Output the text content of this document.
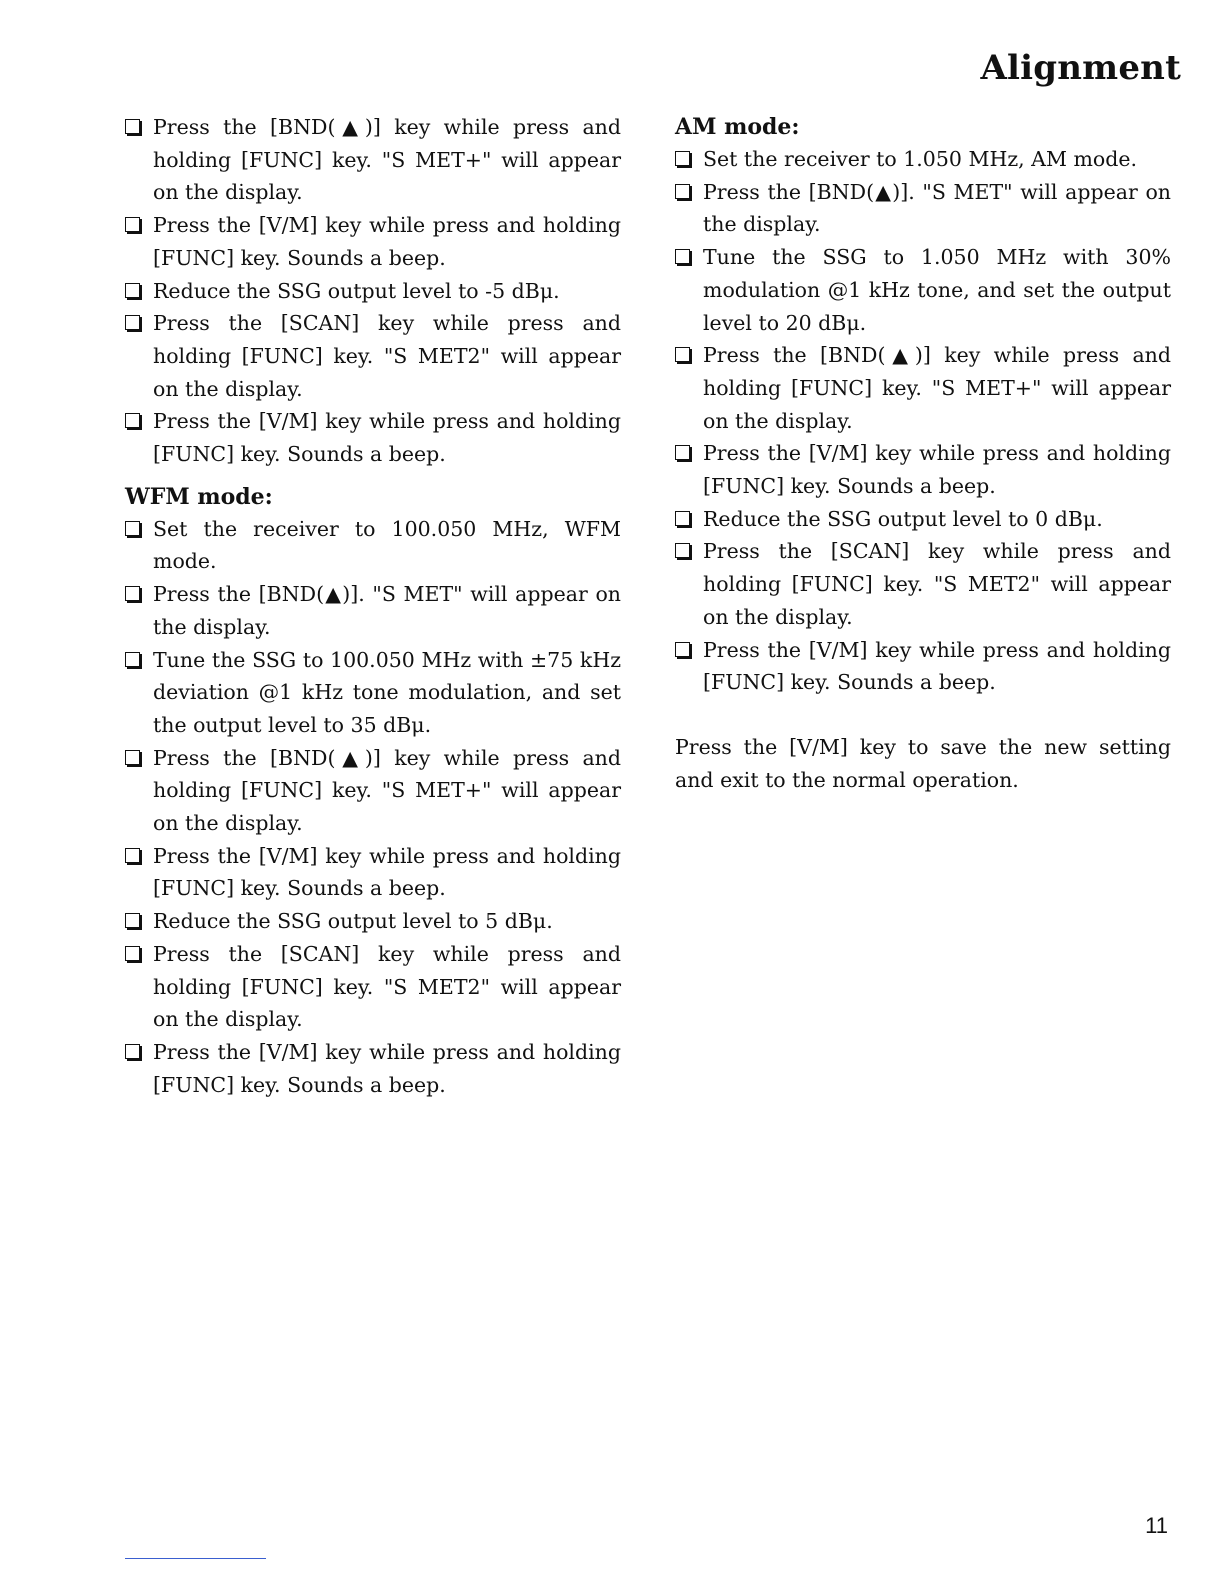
Alignment
Press the [BND(▲)] key while press and holding [FUNC] key. "S MET+" will appear on the display.
Press the [V/M] key while press and holding [FUNC] key. Sounds a beep.
Reduce the SSG output level to -5 dBμ.
Press the [SCAN] key while press and holding [FUNC] key. "S MET2" will appear on the display.
Press the [V/M] key while press and holding [FUNC] key. Sounds a beep.
WFM mode:
Set the receiver to 100.050 MHz, WFM mode.
Press the [BND(▲)]. "S MET" will appear on the display.
Tune the SSG to 100.050 MHz with ±75 kHz deviation @1 kHz tone modulation, and set the output level to 35 dBμ.
Press the [BND(▲)] key while press and holding [FUNC] key. "S MET+" will appear on the display.
Press the [V/M] key while press and holding [FUNC] key. Sounds a beep.
Reduce the SSG output level to 5 dBμ.
Press the [SCAN] key while press and holding [FUNC] key. "S MET2" will appear on the display.
Press the [V/M] key while press and holding [FUNC] key. Sounds a beep.
AM mode:
Set the receiver to 1.050 MHz, AM mode.
Press the [BND(▲)]. "S MET" will appear on the display.
Tune the SSG to 1.050 MHz with 30% modulation @1 kHz tone, and set the output level to 20 dBμ.
Press the [BND(▲)] key while press and holding [FUNC] key. "S MET+" will appear on the display.
Press the [V/M] key while press and holding [FUNC] key. Sounds a beep.
Reduce the SSG output level to 0 dBμ.
Press the [SCAN] key while press and holding [FUNC] key. "S MET2" will appear on the display.
Press the [V/M] key while press and holding [FUNC] key. Sounds a beep.
Press the [V/M] key to save the new setting and exit to the normal operation.
11
